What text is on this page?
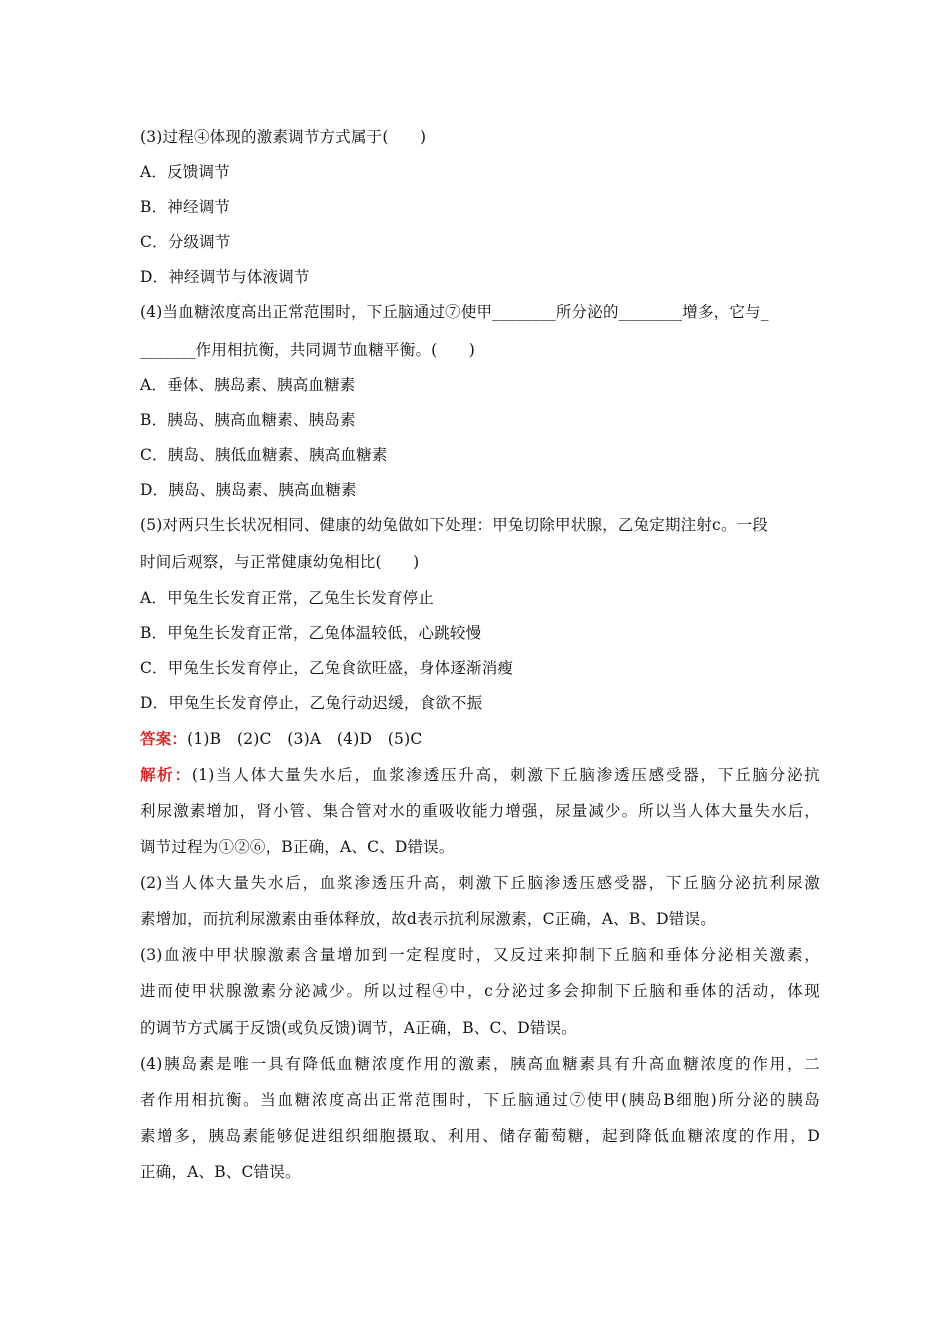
(3)过程④体现的激素调节方式属于(　　)
A．反馈调节
B．神经调节
C．分级调节
D．神经调节与体液调节
(4)当血糖浓度高出正常范围时，下丘脑通过⑦使甲________所分泌的________增多，它与_
_______作用相抗衡，共同调节血糖平衡。(　　)
A．垂体、胰岛素、胰高血糖素
B．胰岛、胰高血糖素、胰岛素
C．胰岛、胰低血糖素、胰高血糖素
D．胰岛、胰岛素、胰高血糖素
(5)对两只生长状况相同、健康的幼兔做如下处理：甲兔切除甲状腺，乙兔定期注射c。一段
时间后观察，与正常健康幼兔相比(　　)
A．甲兔生长发育正常，乙兔生长发育停止
B．甲兔生长发育正常，乙兔体温较低，心跳较慢
C．甲兔生长发育停止，乙兔食欲旺盛，身体逐渐消瘦
D．甲兔生长发育停止，乙兔行动迟缓，食欲不振
答案：(1)B　(2)C　(3)A　(4)D　(5)C
解析：(1)当人体大量失水后，血浆渗透压升高，刺激下丘脑渗透压感受器，下丘脑分泌抗
利尿激素增加，肾小管、集合管对水的重吸收能力增强，尿量减少。所以当人体大量失水后，
调节过程为①②⑥，B正确，A、C、D错误。
(2)当人体大量失水后，血浆渗透压升高，刺激下丘脑渗透压感受器，下丘脑分泌抗利尿激
素增加，而抗利尿激素由垂体释放，故d表示抗利尿激素，C正确，A、B、D错误。
(3)血液中甲状腺激素含量增加到一定程度时，又反过来抑制下丘脑和垂体分泌相关激素，
进而使甲状腺激素分泌减少。所以过程④中，c分泌过多会抑制下丘脑和垂体的活动，体现
的调节方式属于反馈(或负反馈)调节，A正确，B、C、D错误。
(4)胰岛素是唯一具有降低血糖浓度作用的激素，胰高血糖素具有升高血糖浓度的作用，二
者作用相抗衡。当血糖浓度高出正常范围时，下丘脑通过⑦使甲(胰岛B细胞)所分泌的胰岛
素增多，胰岛素能够促进组织细胞摄取、利用、储存葡萄糖，起到降低血糖浓度的作用，D
正确，A、B、C错误。
